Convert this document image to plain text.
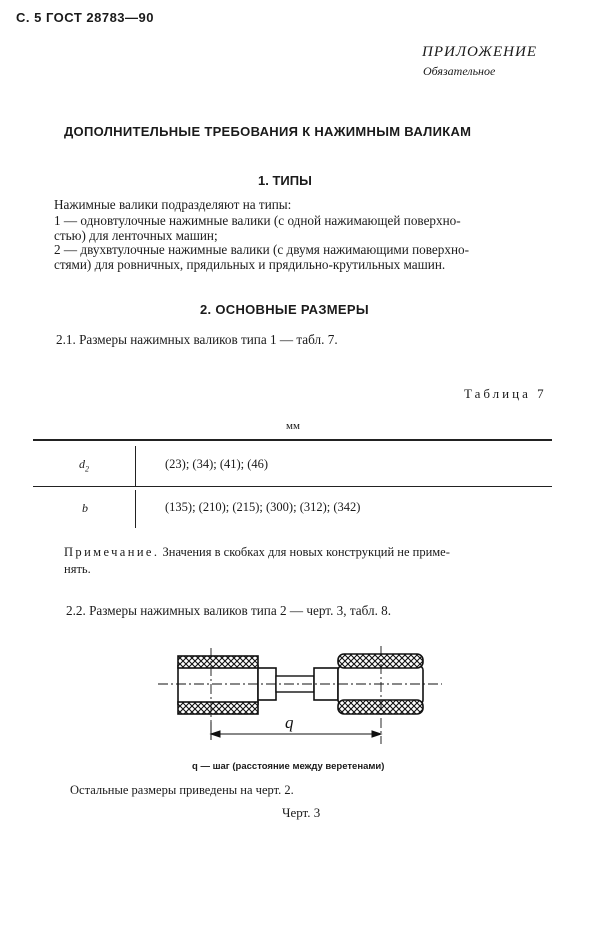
С. 5 ГОСТ 28783—90
ПРИЛОЖЕНИЕ
Обязательное
ДОПОЛНИТЕЛЬНЫЕ ТРЕБОВАНИЯ К НАЖИМНЫМ ВАЛИКАМ
1. ТИПЫ
Нажимные валики подразделяют на типы:
1 — одновтулочные нажимные валики (с одной нажимающей поверхно-
стью) для ленточных машин;
2 — двухвтулочные нажимные валики (с двумя нажимающими поверхно-
стями) для ровничных, прядильных и прядильно-крутильных машин.
2. ОСНОВНЫЕ РАЗМЕРЫ
2.1. Размеры нажимных валиков типа 1 — табл. 7.
Таблица 7
мм
$d_2$	(23); (34); (41); (46)
b	(135); (210); (215); (300); (312); (342)
Примечание. Значения в скобках для новых конструкций не приме-
нять.
2.2. Размеры нажимных валиков типа 2 — черт. 3, табл. 8.
q
q — шаг (расстояние между веретенами)
Остальные размеры приведены на черт. 2.
Черт. 3
